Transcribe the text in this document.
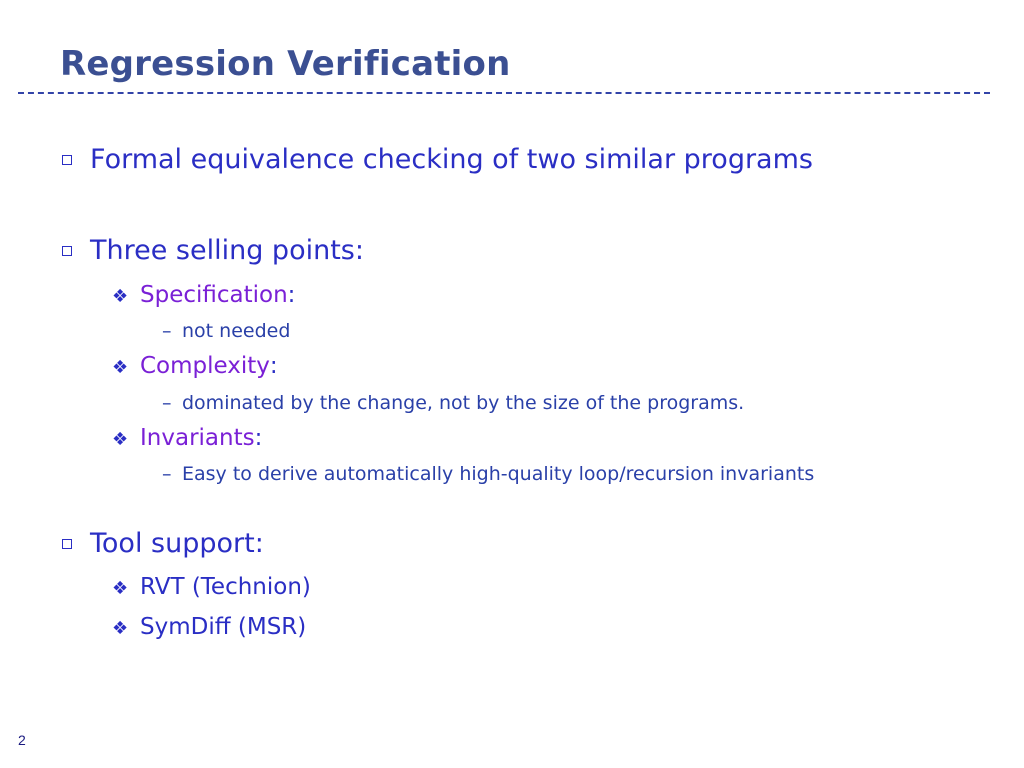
Regression Verification
Formal equivalence checking of two similar programs
Three selling points:
❖ Specification :
– not needed
❖ Complexity :
– dominated by the change, not by the size of the programs.
❖ Invariants :
– Easy to derive automatically high-quality loop/recursion invariants
Tool support:
❖ RVT (Technion)
❖ SymDiff (MSR)
2
